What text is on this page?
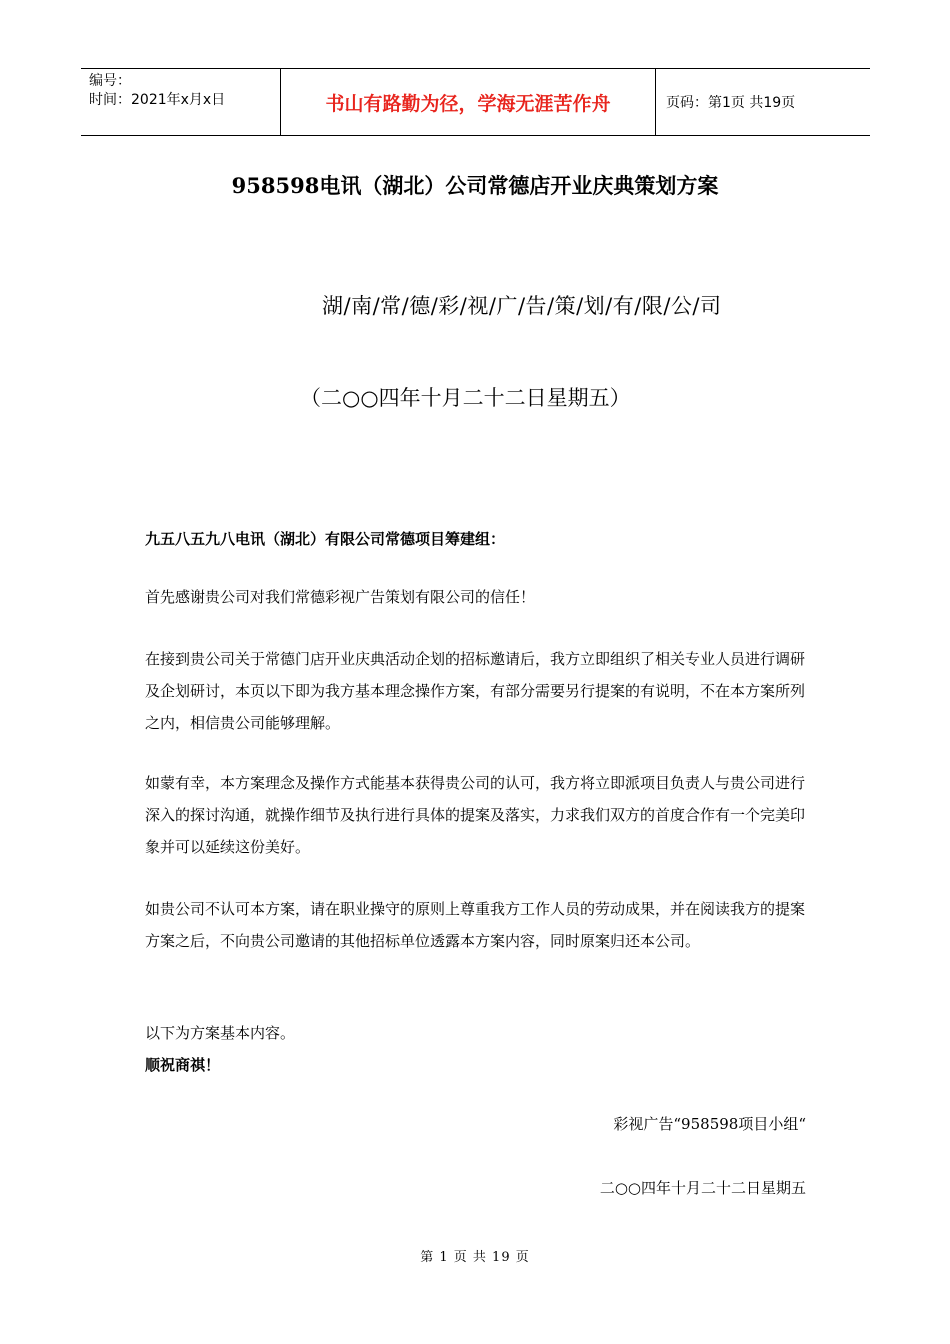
编号：
时间：2021年x月x日	书山有路勤为径，学海无涯苦作舟	页码：第1页 共19页
958598电讯（湖北）公司常德店开业庆典策划方案
湖/南/常/德/彩/视/广/告/策/划/有/限/公/司
（二○○四年十月二十二日星期五）
九五八五九八电讯（湖北）有限公司常德项目筹建组：
首先感谢贵公司对我们常德彩视广告策划有限公司的信任！
在接到贵公司关于常德门店开业庆典活动企划的招标邀请后，我方立即组织了相关专业人员进行调研及企划研讨，本页以下即为我方基本理念操作方案，有部分需要另行提案的有说明，不在本方案所列之内，相信贵公司能够理解。
如蒙有幸，本方案理念及操作方式能基本获得贵公司的认可，我方将立即派项目负责人与贵公司进行深入的探讨沟通，就操作细节及执行进行具体的提案及落实，力求我们双方的首度合作有一个完美印象并可以延续这份美好。
如贵公司不认可本方案，请在职业操守的原则上尊重我方工作人员的劳动成果，并在阅读我方的提案方案之后，不向贵公司邀请的其他招标单位透露本方案内容，同时原案归还本公司。
以下为方案基本内容。
顺祝商祺！
彩视广告“958598项目小组“
二○○四年十月二十二日星期五
第 1 页 共 19 页
